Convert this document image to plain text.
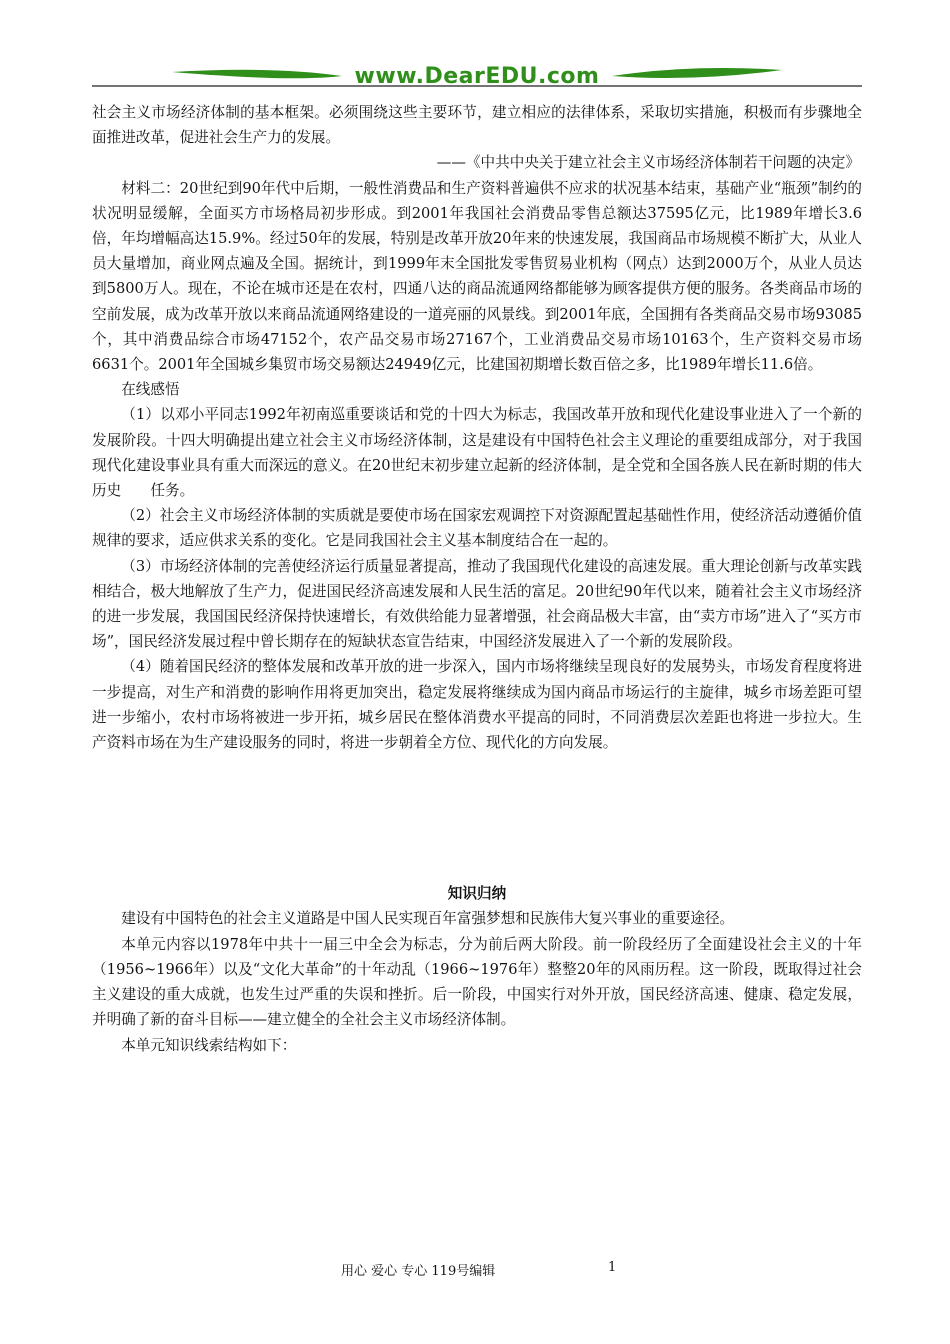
www.DearEDU.com

社会主义市场经济体制的基本框架。必须围绕这些主要环节，建立相应的法律体系，采取切实措施，积极而有步骤地全面推进改革，促进社会生产力的发展。

——《中共中央关于建立社会主义市场经济体制若干问题的决定》

材料二：20世纪到90年代中后期，一般性消费品和生产资料普遍供不应求的状况基本结束，基础产业“瓶颈”制约的状况明显缓解，全面买方市场格局初步形成。到2001年我国社会消费品零售总额达37595亿元，比1989年增长3.6倍，年均增幅高达15.9%。经过50年的发展，特别是改革开放20年来的快速发展，我国商品市场规模不断扩大，从业人员大量增加，商业网点遍及全国。据统计，到1999年末全国批发零售贸易业机构（网点）达到2000万个，从业人员达到5800万人。现在，不论在城市还是在农村，四通八达的商品流通网络都能够为顾客提供方便的服务。各类商品市场的空前发展，成为改革开放以来商品流通网络建设的一道亮丽的风景线。到2001年底，全国拥有各类商品交易市场93085个，其中消费品综合市场47152个，农产品交易市场27167个，工业消费品交易市场10163个，生产资料交易市场6631个。2001年全国城乡集贸市场交易额达24949亿元，比建国初期增长数百倍之多，比1989年增长11.6倍。

在线感悟

（1）以邓小平同志1992年初南巡重要谈话和党的十四大为标志，我国改革开放和现代化建设事业进入了一个新的发展阶段。十四大明确提出建立社会主义市场经济体制，这是建设有中国特色社会主义理论的重要组成部分，对于我国现代化建设事业具有重大而深远的意义。在20世纪末初步建立起新的经济体制，是全党和全国各族人民在新时期的伟大历史　　任务。

（2）社会主义市场经济体制的实质就是要使市场在国家宏观调控下对资源配置起基础性作用，使经济活动遵循价值规律的要求，适应供求关系的变化。它是同我国社会主义基本制度结合在一起的。

（3）市场经济体制的完善使经济运行质量显著提高，推动了我国现代化建设的高速发展。重大理论创新与改革实践相结合，极大地解放了生产力，促进国民经济高速发展和人民生活的富足。20世纪90年代以来，随着社会主义市场经济的进一步发展，我国国民经济保持快速增长，有效供给能力显著增强，社会商品极大丰富，由“卖方市场”进入了“买方市场”，国民经济发展过程中曾长期存在的短缺状态宣告结束，中国经济发展进入了一个新的发展阶段。

（4）随着国民经济的整体发展和改革开放的进一步深入，国内市场将继续呈现良好的发展势头，市场发育程度将进一步提高，对生产和消费的影响作用将更加突出，稳定发展将继续成为国内商品市场运行的主旋律，城乡市场差距可望进一步缩小，农村市场将被进一步开拓，城乡居民在整体消费水平提高的同时，不同消费层次差距也将进一步拉大。生产资料市场在为生产建设服务的同时，将进一步朝着全方位、现代化的方向发展。

知识归纳

建设有中国特色的社会主义道路是中国人民实现百年富强梦想和民族伟大复兴事业的重要途径。

本单元内容以1978年中共十一届三中全会为标志，分为前后两大阶段。前一阶段经历了全面建设社会主义的十年（1956~1966年）以及“文化大革命”的十年动乱（1966~1976年）整整20年的风雨历程。这一阶段，既取得过社会主义建设的重大成就，也发生过严重的失误和挫折。后一阶段，中国实行对外开放，国民经济高速、健康、稳定发展，并明确了新的奋斗目标——建立健全的全社会主义市场经济体制。

本单元知识线索结构如下：

用心 爱心 专心 119号编辑	1
